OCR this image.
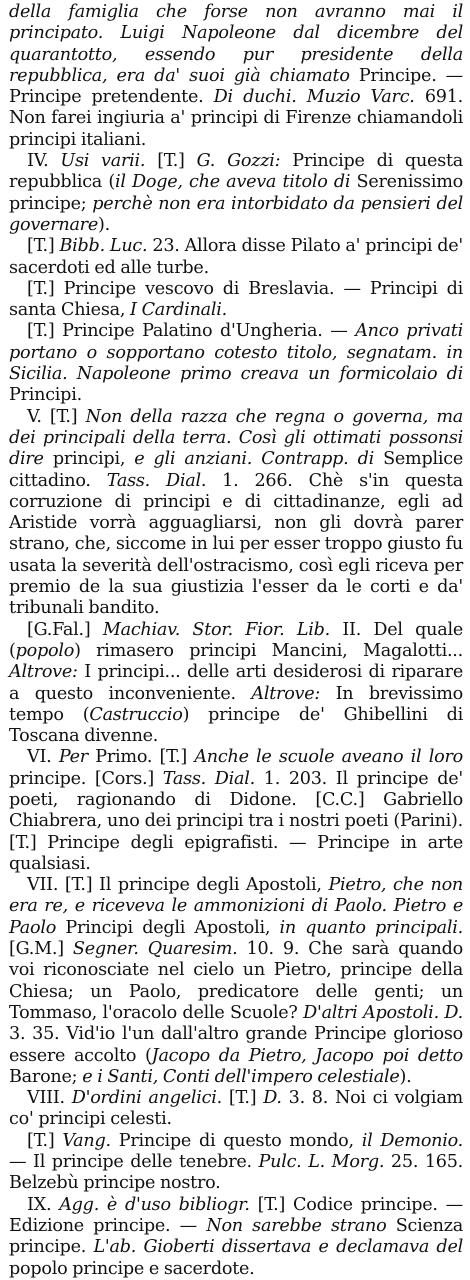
della famiglia che forse non avranno mai il principato. Luigi Napoleone dal dicembre del quarantotto, essendo pur presidente della repubblica, era da' suoi già chiamato Principe. — Principe pretendente. Di duchi. Muzio Varc. 691. Non farei ingiuria a' principi di Firenze chiamandoli principi italiani.

IV. Usi varii. [T.] G. Gozzi: Principe di questa repubblica (il Doge, che aveva titolo di Serenissimo principe; perchè non era intorbidato da pensieri del governare).

[T.] Bibb. Luc. 23. Allora disse Pilato a' principi de' sacerdoti ed alle turbe.

[T.] Principe vescovo di Breslavia. — Principi di santa Chiesa, I Cardinali.

[T.] Principe Palatino d'Ungheria. — Anco privati portano o sopportano cotesto titolo, segnatam. in Sicilia. Napoleone primo creava un formicolaio di Principi.

V. [T.] Non della razza che regna o governa, ma dei principali della terra. Così gli ottimati possonsi dire principi, e gli anziani. Contrapp. di Semplice cittadino. Tass. Dial. 1. 266. Chè s'in questa corruzione di principi e di cittadinanze, egli ad Aristide vorrà agguagliarsi, non gli dovrà parer strano, che, siccome in lui per esser troppo giusto fu usata la severità dell'ostracismo, così egli riceva per premio de la sua giustizia l'esser da le corti e da' tribunali bandito.

[G.Fal.] Machiav. Stor. Fior. Lib. II. Del quale (popolo) rimasero principi Mancini, Magalotti... Altrove: I principi... delle arti desiderosi di riparare a questo inconveniente. Altrove: In brevissimo tempo (Castruccio) principe de' Ghibellini di Toscana divenne.

VI. Per Primo. [T.] Anche le scuole aveano il loro principe. [Cors.] Tass. Dial. 1. 203. Il principe de' poeti, ragionando di Didone. [C.C.] Gabriello Chiabrera, uno dei principi tra i nostri poeti (Parini). [T.] Principe degli epigrafisti. — Principe in arte qualsiasi.

VII. [T.] Il principe degli Apostoli, Pietro, che non era re, e riceveva le ammonizioni di Paolo. Pietro e Paolo Principi degli Apostoli, in quanto principali. [G.M.] Segner. Quaresim. 10. 9. Che sarà quando voi riconosciate nel cielo un Pietro, principe della Chiesa; un Paolo, predicatore delle genti; un Tommaso, l'oracolo delle Scuole? D'altri Apostoli. D. 3. 35. Vid'io l'un dall'altro grande Principe glorioso essere accolto (Jacopo da Pietro, Jacopo poi detto Barone; e i Santi, Conti dell'impero celestiale).

VIII. D'ordini angelici. [T.] D. 3. 8. Noi ci volgiam co' principi celesti.

[T.] Vang. Principe di questo mondo, il Demonio. — Il principe delle tenebre. Pulc. L. Morg. 25. 165. Belzebù principe nostro.

IX. Agg. è d'uso bibliogr. [T.] Codice principe. — Edizione principe. — Non sarebbe strano Scienza principe. L'ab. Gioberti dissertava e declamava del popolo principe e sacerdote.
